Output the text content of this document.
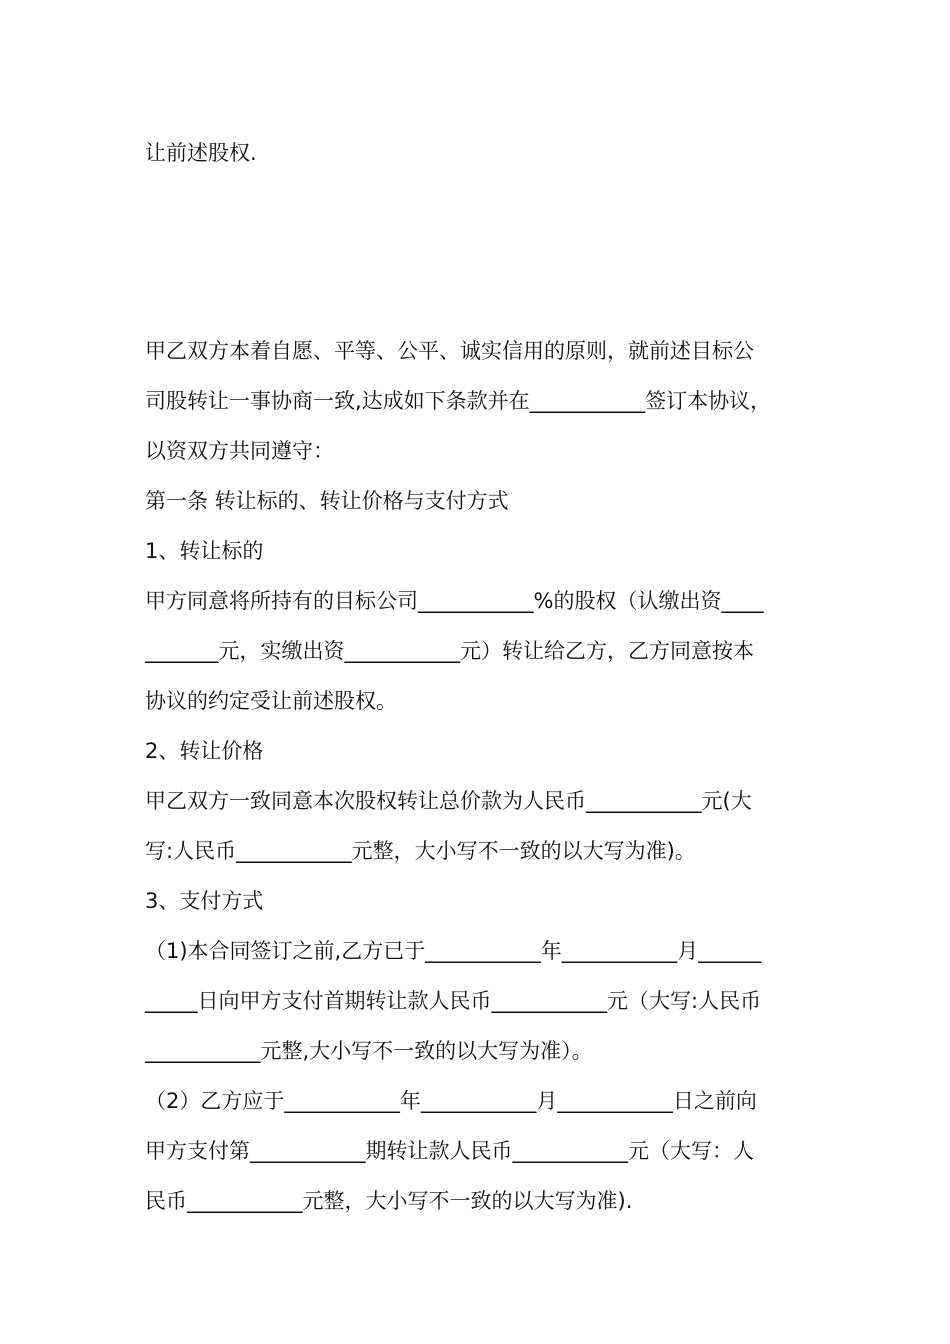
让前述股权.
甲乙双方本着自愿、平等、公平、诚实信用的原则，就前述目标公
司股转让一事协商一致,达成如下条款并在___________签订本协议，
以资双方共同遵守：
第一条 转让标的、转让价格与支付方式
1、转让标的
甲方同意将所持有的目标公司___________%的股权（认缴出资____
_______元，实缴出资___________元）转让给乙方，乙方同意按本
协议的约定受让前述股权。
2、转让价格
甲乙双方一致同意本次股权转让总价款为人民币___________元(大
写:人民币___________元整，大小写不一致的以大写为准)。
3、支付方式
（1)本合同签订之前,乙方已于___________年___________月______
_____日向甲方支付首期转让款人民币___________元（大写:人民币
___________元整,大小写不一致的以大写为准）。
（2）乙方应于___________年___________月___________日之前向
甲方支付第___________期转让款人民币___________元（大写：人
民币___________元整，大小写不一致的以大写为准).
